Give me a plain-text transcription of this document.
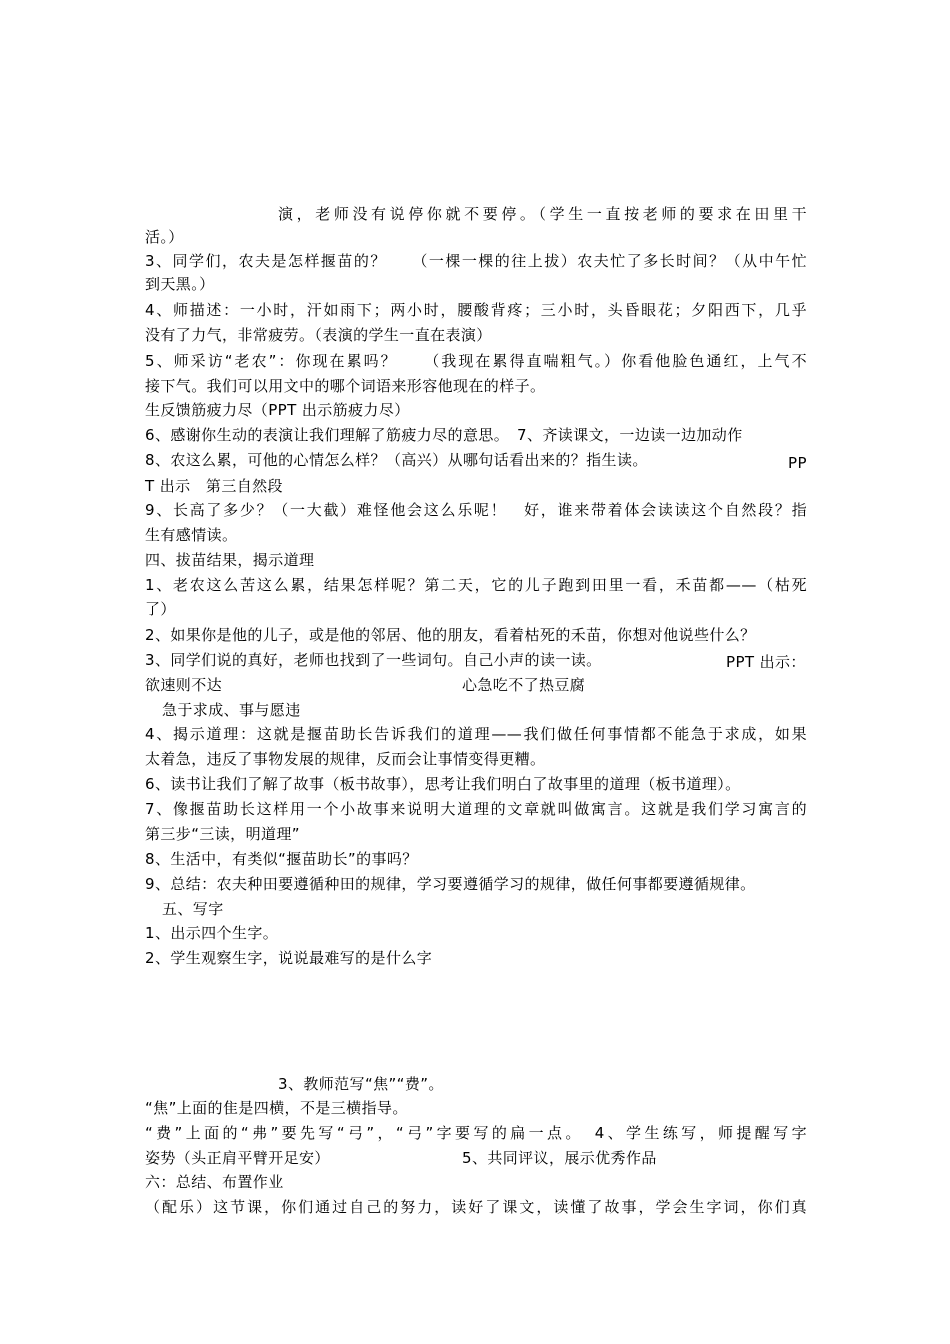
演，老师没有说停你就不要停。（学生一直按老师的要求在田里干
活。）
3、同学们，农夫是怎样揠苗的？　　（一棵一棵的往上拔）农夫忙了多长时间？（从中午忙
到天黑。）
4、师描述：一小时，汗如雨下；两小时，腰酸背疼；三小时，头昏眼花；夕阳西下，几乎
没有了力气，非常疲劳。（表演的学生一直在表演）
5、师采访“老农”：你现在累吗？　　（我现在累得直喘粗气。）你看他脸色通红，上气不
接下气。我们可以用文中的哪个词语来形容他现在的样子。
生反馈筋疲力尽（PPT 出示筋疲力尽）
6、感谢你生动的表演让我们理解了筋疲力尽的意思。　7、齐读课文，一边读一边加动作
8、农这么累，可他的心情怎么样？（高兴）从哪句话看出来的？指生读。	PP
T 出示　第三自然段
9、长高了多少？（一大截）难怪他会这么乐呢！　好，谁来带着体会读读这个自然段？指
生有感情读。
四、拔苗结果，揭示道理
1、老农这么苦这么累，结果怎样呢？第二天，它的儿子跑到田里一看，禾苗都——（枯死
了）
2、如果你是他的儿子，或是他的邻居、他的朋友，看着枯死的禾苗，你想对他说些什么？
3、同学们说的真好，老师也找到了一些词句。自己小声的读一读。	PPT 出示：
欲速则不达	心急吃不了热豆腐
急于求成、事与愿违
4、揭示道理：这就是揠苗助长告诉我们的道理——我们做任何事情都不能急于求成，如果
太着急，违反了事物发展的规律，反而会让事情变得更糟。
6、读书让我们了解了故事（板书故事），思考让我们明白了故事里的道理（板书道理）。
7、像揠苗助长这样用一个小故事来说明大道理的文章就叫做寓言。这就是我们学习寓言的
第三步“三读，明道理”
8、生活中，有类似“揠苗助长”的事吗？
9、总结：农夫种田要遵循种田的规律，学习要遵循学习的规律，做任何事都要遵循规律。
五、写字
1、出示四个生字。
2、学生观察生字，说说最难写的是什么字
3、教师范写“焦”“费”。
“焦”上面的隹是四横，不是三横指导。
“费”上面的“弗”要先写“弓”，“弓”字要写的扁一点。　4、学生练写，师提醒写字
姿势（头正肩平臂开足安）	5、共同评议，展示优秀作品
六：总结、布置作业
（配乐）这节课，你们通过自己的努力，读好了课文，读懂了故事，学会生字词，你们真
